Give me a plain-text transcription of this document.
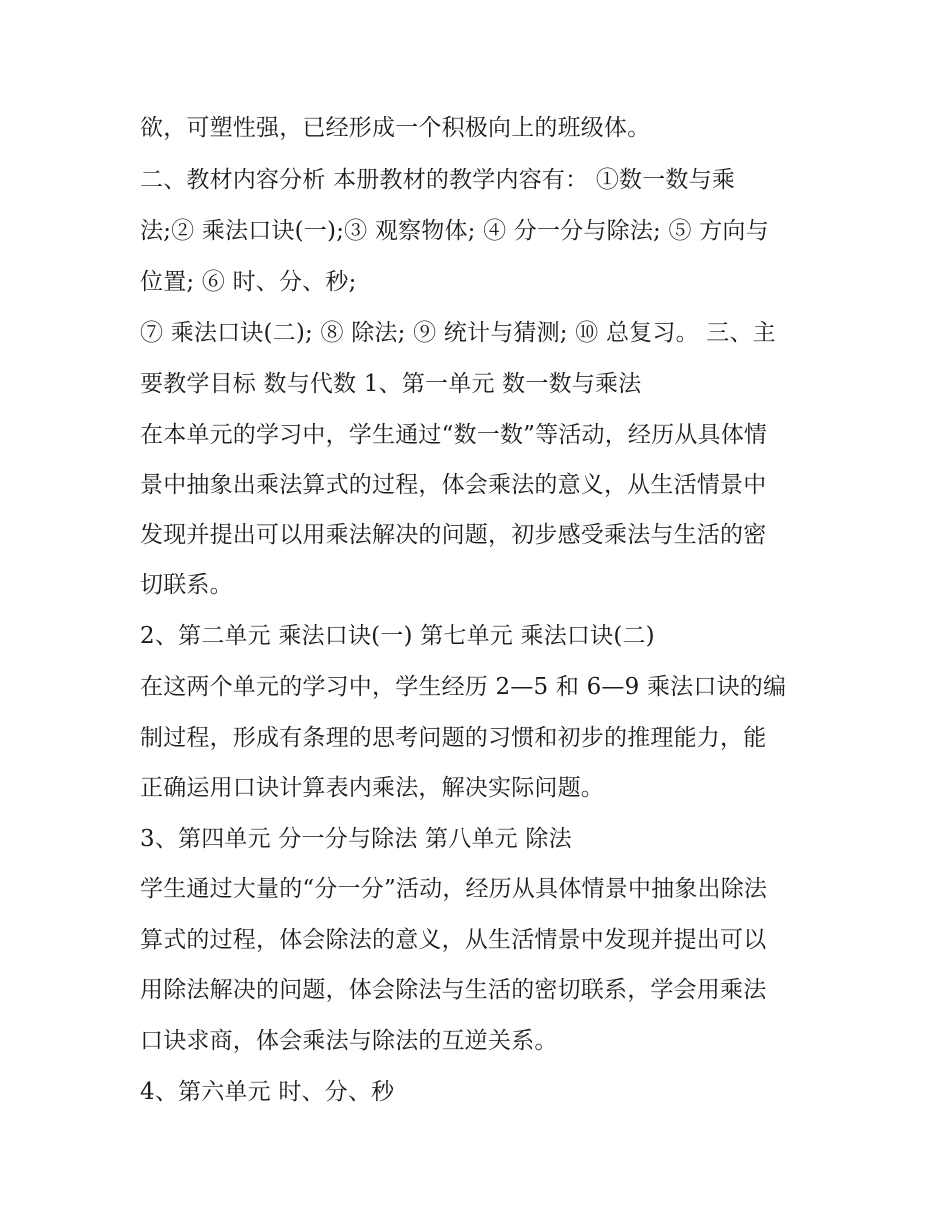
欲，可塑性强，已经形成一个积极向上的班级体。
二、教材内容分析 本册教材的教学内容有： ①数一数与乘
法;② 乘法口诀(一);③ 观察物体; ④ 分一分与除法; ⑤ 方向与
位置; ⑥ 时、分、秒;
⑦ 乘法口诀(二); ⑧ 除法; ⑨ 统计与猜测; ⑩ 总复习。 三、主
要教学目标 数与代数 1、第一单元 数一数与乘法
在本单元的学习中，学生通过“数一数”等活动，经历从具体情
景中抽象出乘法算式的过程，体会乘法的意义，从生活情景中
发现并提出可以用乘法解决的问题，初步感受乘法与生活的密
切联系。
2、第二单元 乘法口诀(一) 第七单元 乘法口诀(二)
在这两个单元的学习中，学生经历 2—5 和 6—9 乘法口诀的编
制过程，形成有条理的思考问题的习惯和初步的推理能力，能
正确运用口诀计算表内乘法，解决实际问题。
3、第四单元 分一分与除法 第八单元 除法
学生通过大量的“分一分”活动，经历从具体情景中抽象出除法
算式的过程，体会除法的意义，从生活情景中发现并提出可以
用除法解决的问题，体会除法与生活的密切联系，学会用乘法
口诀求商，体会乘法与除法的互逆关系。
4、第六单元 时、分、秒
